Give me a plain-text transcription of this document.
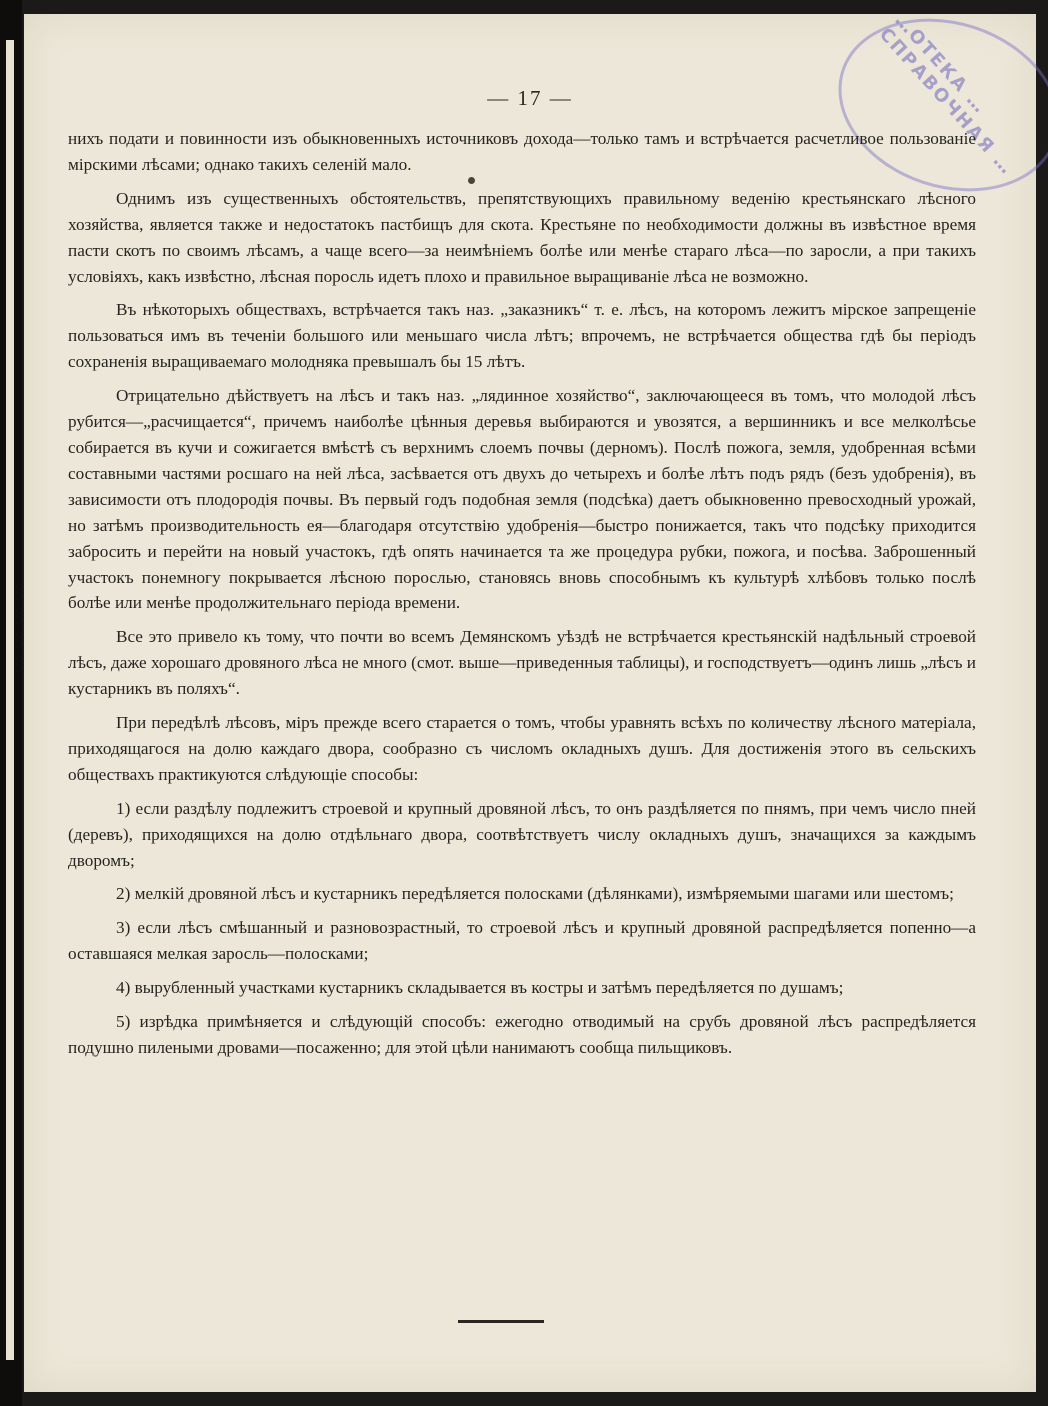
…ОТЕКА … СПРАВОЧНАЯ …
— 17 —

нихъ подати и повинности изъ обыкновенныхъ источниковъ дохода—только тамъ и встрѣчается расчетливое пользованіе мірскими лѣсами; однако такихъ селеній мало.

Однимъ изъ существенныхъ обстоятельствъ, препятствующихъ правильному веденію крестьянскаго лѣсного хозяйства, является также и недостатокъ пастбищъ для скота. Крестьяне по необходимости должны въ извѣстное время пасти скотъ по своимъ лѣсамъ, а чаще всего—за неимѣніемъ болѣе или менѣе стараго лѣса—по заросли, а при такихъ условіяхъ, какъ извѣстно, лѣсная поросль идетъ плохо и правильное выращиваніе лѣса не возможно.

Въ нѣкоторыхъ обществахъ, встрѣчается такъ наз. „заказникъ“ т. е. лѣсъ, на которомъ лежитъ мірское запрещеніе пользоваться имъ въ теченіи большого или меньшаго числа лѣтъ; впрочемъ, не встрѣчается общества гдѣ бы періодъ сохраненія выращиваемаго молодняка превышалъ бы 15 лѣтъ.

Отрицательно дѣйствуетъ на лѣсъ и такъ наз. „лядинное хозяйство“, заключающееся въ томъ, что молодой лѣсъ рубится—„расчищается“, причемъ наиболѣе цѣнныя деревья выбираются и увозятся, а вершинникъ и все мелколѣсье собирается въ кучи и сожигается вмѣстѣ съ верхнимъ слоемъ почвы (дерномъ). Послѣ пожога, земля, удобренная всѣми составными частями росшаго на ней лѣса, засѣвается отъ двухъ до четырехъ и болѣе лѣтъ подъ рядъ (безъ удобренія), въ зависимости отъ плодородія почвы. Въ первый годъ подобная земля (подсѣка) даетъ обыкновенно превосходный урожай, но затѣмъ производительность ея—благодаря отсутствію удобренія—быстро понижается, такъ что подсѣку приходится забросить и перейти на новый участокъ, гдѣ опять начинается та же процедура рубки, пожога, и посѣва. Заброшенный участокъ понемногу покрывается лѣсною порослью, становясь вновь способнымъ къ культурѣ хлѣбовъ только послѣ болѣе или менѣе продолжительнаго періода времени.

Все это привело къ тому, что почти во всемъ Демянскомъ уѣздѣ не встрѣчается крестьянскій надѣльный строевой лѣсъ, даже хорошаго дровяного лѣса не много (смот. выше—приведенныя таблицы), и господствуетъ—одинъ лишь „лѣсъ и кустарникъ въ поляхъ“.

При передѣлѣ лѣсовъ, міръ прежде всего старается о томъ, чтобы уравнять всѣхъ по количеству лѣсного матеріала, приходящагося на долю каждаго двора, сообразно съ числомъ окладныхъ душъ. Для достиженія этого въ сельскихъ обществахъ практикуются слѣдующіе способы:

1) если раздѣлу подлежитъ строевой и крупный дровяной лѣсъ, то онъ раздѣляется по пнямъ, при чемъ число пней (деревъ), приходящихся на долю отдѣльнаго двора, соотвѣтствуетъ числу окладныхъ душъ, значащихся за каждымъ дворомъ;

2) мелкій дровяной лѣсъ и кустарникъ передѣляется полосками (дѣлянками), измѣряемыми шагами или шестомъ;

3) если лѣсъ смѣшанный и разновозрастный, то строевой лѣсъ и крупный дровяной распредѣляется попенно—а оставшаяся мелкая заросль—полосками;

4) вырубленный участками кустарникъ складывается въ костры и затѣмъ передѣляется по душамъ;

5) изрѣдка примѣняется и слѣдующій способъ: ежегодно отводимый на срубъ дровяной лѣсъ распредѣляется подушно пилеными дровами—посаженно; для этой цѣли нанимаютъ сообща пильщиковъ.

§
§
§
§
